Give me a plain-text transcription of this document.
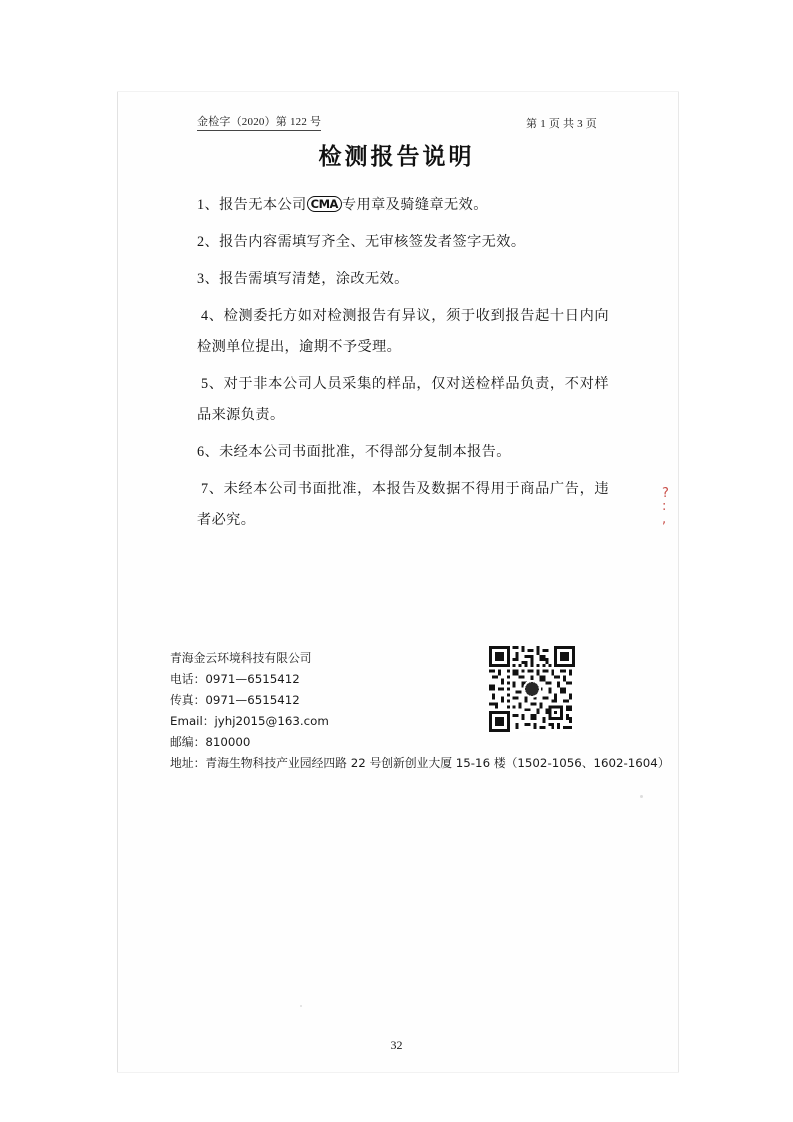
金检字（2020）第 122 号	第 1 页 共 3 页
检测报告说明
1、报告无本公司 CMA 专用章及骑缝章无效。
2、报告内容需填写齐全、无审核签发者签字无效。
3、报告需填写清楚，涂改无效。
4、检测委托方如对检测报告有异议，须于收到报告起十日内向检测单位提出，逾期不予受理。
5、对于非本公司人员采集的样品，仅对送检样品负责，不对样品来源负责。
6、未经本公司书面批准，不得部分复制本报告。
7、未经本公司书面批准，本报告及数据不得用于商品广告，违者必究。
?
:
,
青海金云环境科技有限公司
电话：0971—6515412
传真：0971—6515412
Email：jyhj2015@163.com
邮编：810000
地址：青海生物科技产业园经四路 22 号创新创业大厦 15-16 楼（1502-1056、1602-1604）
32
